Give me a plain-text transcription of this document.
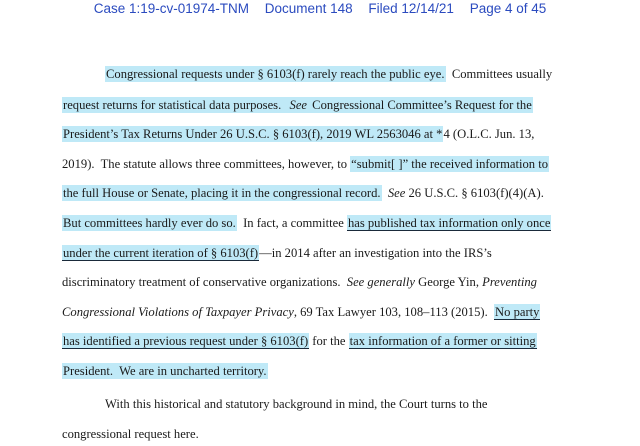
Case 1:19-cv-01974-TNM Document 148 Filed 12/14/21 Page 4 of 45
Congressional requests under § 6103(f) rarely reach the public eye.  Committees usually
request returns for statistical data purposes.  See Congressional Committee’s Request for the
President’s Tax Returns Under 26 U.S.C. § 6103(f), 2019 WL 2563046 at *4 (O.L.C. Jun. 13,
2019).  The statute allows three committees, however, to “submit[ ]” the received information to
the full House or Senate, placing it in the congressional record. See 26 U.S.C. § 6103(f)(4)(A).
But committees hardly ever do so.  In fact, a committee has published tax information only once
under the current iteration of § 6103(f)—in 2014 after an investigation into the IRS’s
discriminatory treatment of conservative organizations.  See generally George Yin, Preventing
Congressional Violations of Taxpayer Privacy, 69 Tax Lawyer 103, 108–113 (2015).  No party
has identified a previous request under § 6103(f) for the tax information of a former or sitting
President.  We are in uncharted territory.
With this historical and statutory background in mind, the Court turns to the
congressional request here.
